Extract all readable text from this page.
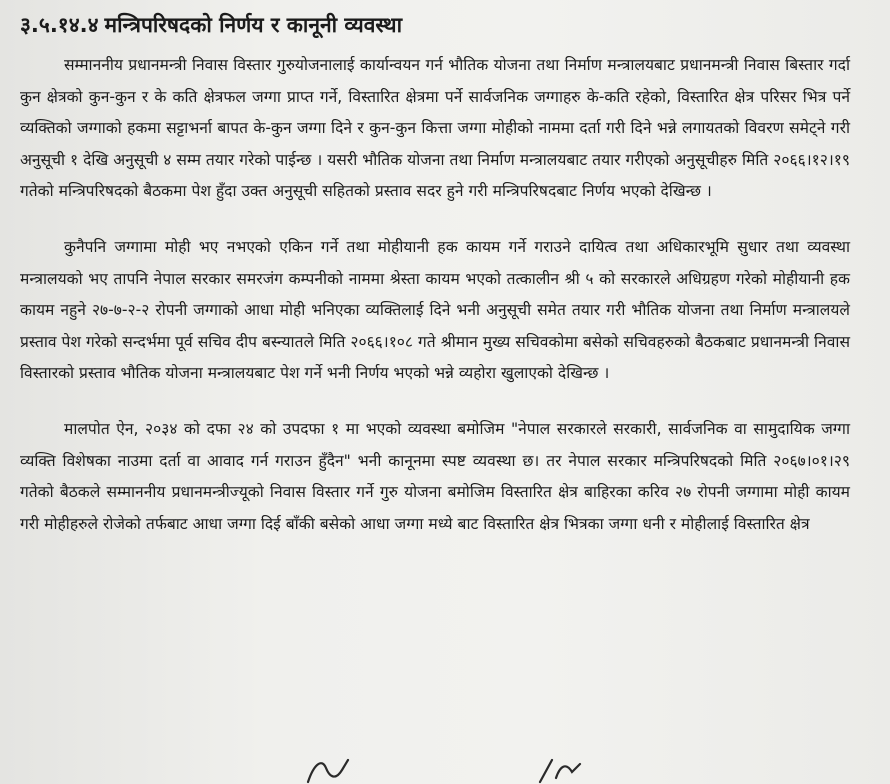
३.५.१४.४ मन्त्रिपरिषदको निर्णय र कानूनी व्यवस्था

सम्माननीय प्रधानमन्त्री निवास विस्तार गुरुयोजनालाई कार्यान्वयन गर्न भौतिक योजना तथा निर्माण मन्त्रालयबाट प्रधानमन्त्री निवास बिस्तार गर्दा कुन क्षेत्रको कुन-कुन र के कति क्षेत्रफल जग्गा प्राप्त गर्ने, विस्तारित क्षेत्रमा पर्ने सार्वजनिक जग्गाहरु के-कति रहेको, विस्तारित क्षेत्र परिसर भित्र पर्ने व्यक्तिको जग्गाको हकमा सट्टाभर्ना बापत के-कुन जग्गा दिने र कुन-कुन कित्ता जग्गा मोहीको नाममा दर्ता गरी दिने भन्ने लगायतको विवरण समेट्ने गरी अनुसूची १ देखि अनुसूची ४ सम्म तयार गरेको पाईन्छ । यसरी भौतिक योजना तथा निर्माण मन्त्रालयबाट तयार गरीएको अनुसूचीहरु मिति २०६६।१२।१९ गतेको मन्त्रिपरिषदको बैठकमा पेश हुँदा उक्त अनुसूची सहितको प्रस्ताव सदर हुने गरी मन्त्रिपरिषदबाट निर्णय भएको देखिन्छ ।

कुनैपनि जग्गामा मोही भए नभएको एकिन गर्ने तथा मोहीयानी हक कायम गर्ने गराउने दायित्व तथा अधिकारभूमि सुधार तथा व्यवस्था मन्त्रालयको भए तापनि नेपाल सरकार समरजंग कम्पनीको नाममा श्रेस्ता कायम भएको तत्कालीन श्री ५ को सरकारले अधिग्रहण गरेको मोहीयानी हक कायम नहुने २७-७-२-२ रोपनी जग्गाको आधा मोही भनिएका व्यक्तिलाई दिने भनी अनुसूची समेत तयार गरी भौतिक योजना तथा निर्माण मन्त्रालयले प्रस्ताव पेश गरेको सन्दर्भमा पूर्व सचिव दीप बस्न्यातले मिति २०६६।१०८ गते श्रीमान मुख्य सचिवकोमा बसेको सचिवहरुको बैठकबाट प्रधानमन्त्री निवास विस्तारको प्रस्ताव भौतिक योजना मन्त्रालयबाट पेश गर्ने भनी निर्णय भएको भन्ने व्यहोरा खुलाएको देखिन्छ ।

मालपोत ऐन, २०३४ को दफा २४ को उपदफा १ मा भएको व्यवस्था बमोजिम "नेपाल सरकारले सरकारी, सार्वजनिक वा सामुदायिक जग्गा व्यक्ति विशेषका नाउमा दर्ता वा आवाद गर्न गराउन हुँदैन" भनी कानूनमा स्पष्ट व्यवस्था छ। तर नेपाल सरकार मन्त्रिपरिषदको मिति २०६७।०१।२९ गतेको बैठकले सम्माननीय प्रधानमन्त्रीज्यूको निवास विस्तार गर्ने गुरु योजना बमोजिम विस्तारित क्षेत्र बाहिरका करिव २७ रोपनी जग्गामा मोही कायम गरी मोहीहरुले रोजेको तर्फबाट आधा जग्गा दिई बाँकी बसेको आधा जग्गा मध्ये बाट विस्तारित क्षेत्र भित्रका जग्गा धनी र मोहीलाई विस्तारित क्षेत्र
